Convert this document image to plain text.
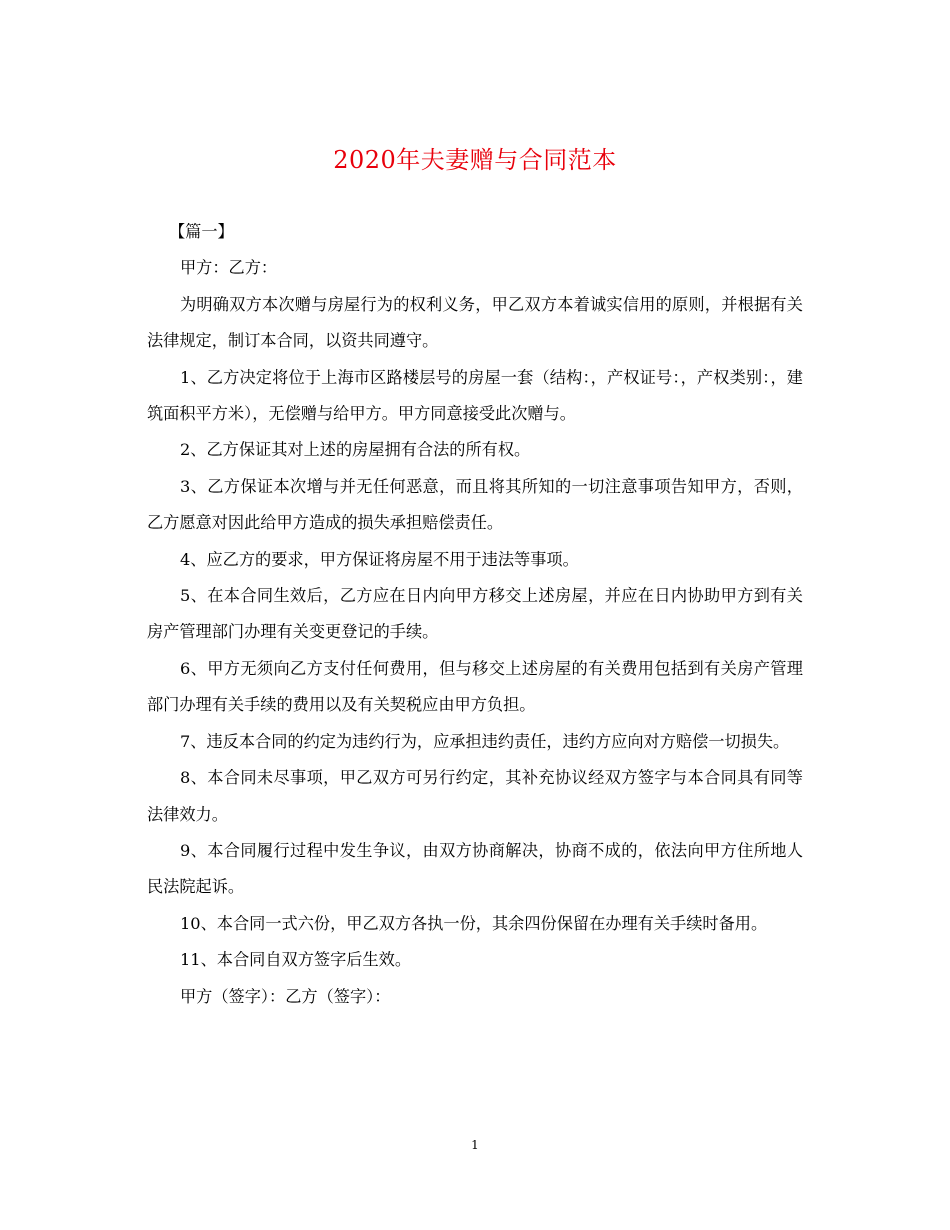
2020年夫妻赠与合同范本

【篇一】

甲方：乙方：

为明确双方本次赠与房屋行为的权利义务，甲乙双方本着诚实信用的原则，并根据有关法律规定，制订本合同，以资共同遵守。

1、乙方决定将位于上海市区路楼层号的房屋一套（结构：，产权证号：，产权类别：，建筑面积平方米），无偿赠与给甲方。甲方同意接受此次赠与。

2、乙方保证其对上述的房屋拥有合法的所有权。

3、乙方保证本次增与并无任何恶意，而且将其所知的一切注意事项告知甲方，否则，乙方愿意对因此给甲方造成的损失承担赔偿责任。

4、应乙方的要求，甲方保证将房屋不用于违法等事项。

5、在本合同生效后，乙方应在日内向甲方移交上述房屋，并应在日内协助甲方到有关房产管理部门办理有关变更登记的手续。

6、甲方无须向乙方支付任何费用，但与移交上述房屋的有关费用包括到有关房产管理部门办理有关手续的费用以及有关契税应由甲方负担。

7、违反本合同的约定为违约行为，应承担违约责任，违约方应向对方赔偿一切损失。

8、本合同未尽事项，甲乙双方可另行约定，其补充协议经双方签字与本合同具有同等法律效力。

9、本合同履行过程中发生争议，由双方协商解决，协商不成的，依法向甲方住所地人民法院起诉。

10、本合同一式六份，甲乙双方各执一份，其余四份保留在办理有关手续时备用。

11、本合同自双方签字后生效。

甲方（签字）：乙方（签字）：

1
